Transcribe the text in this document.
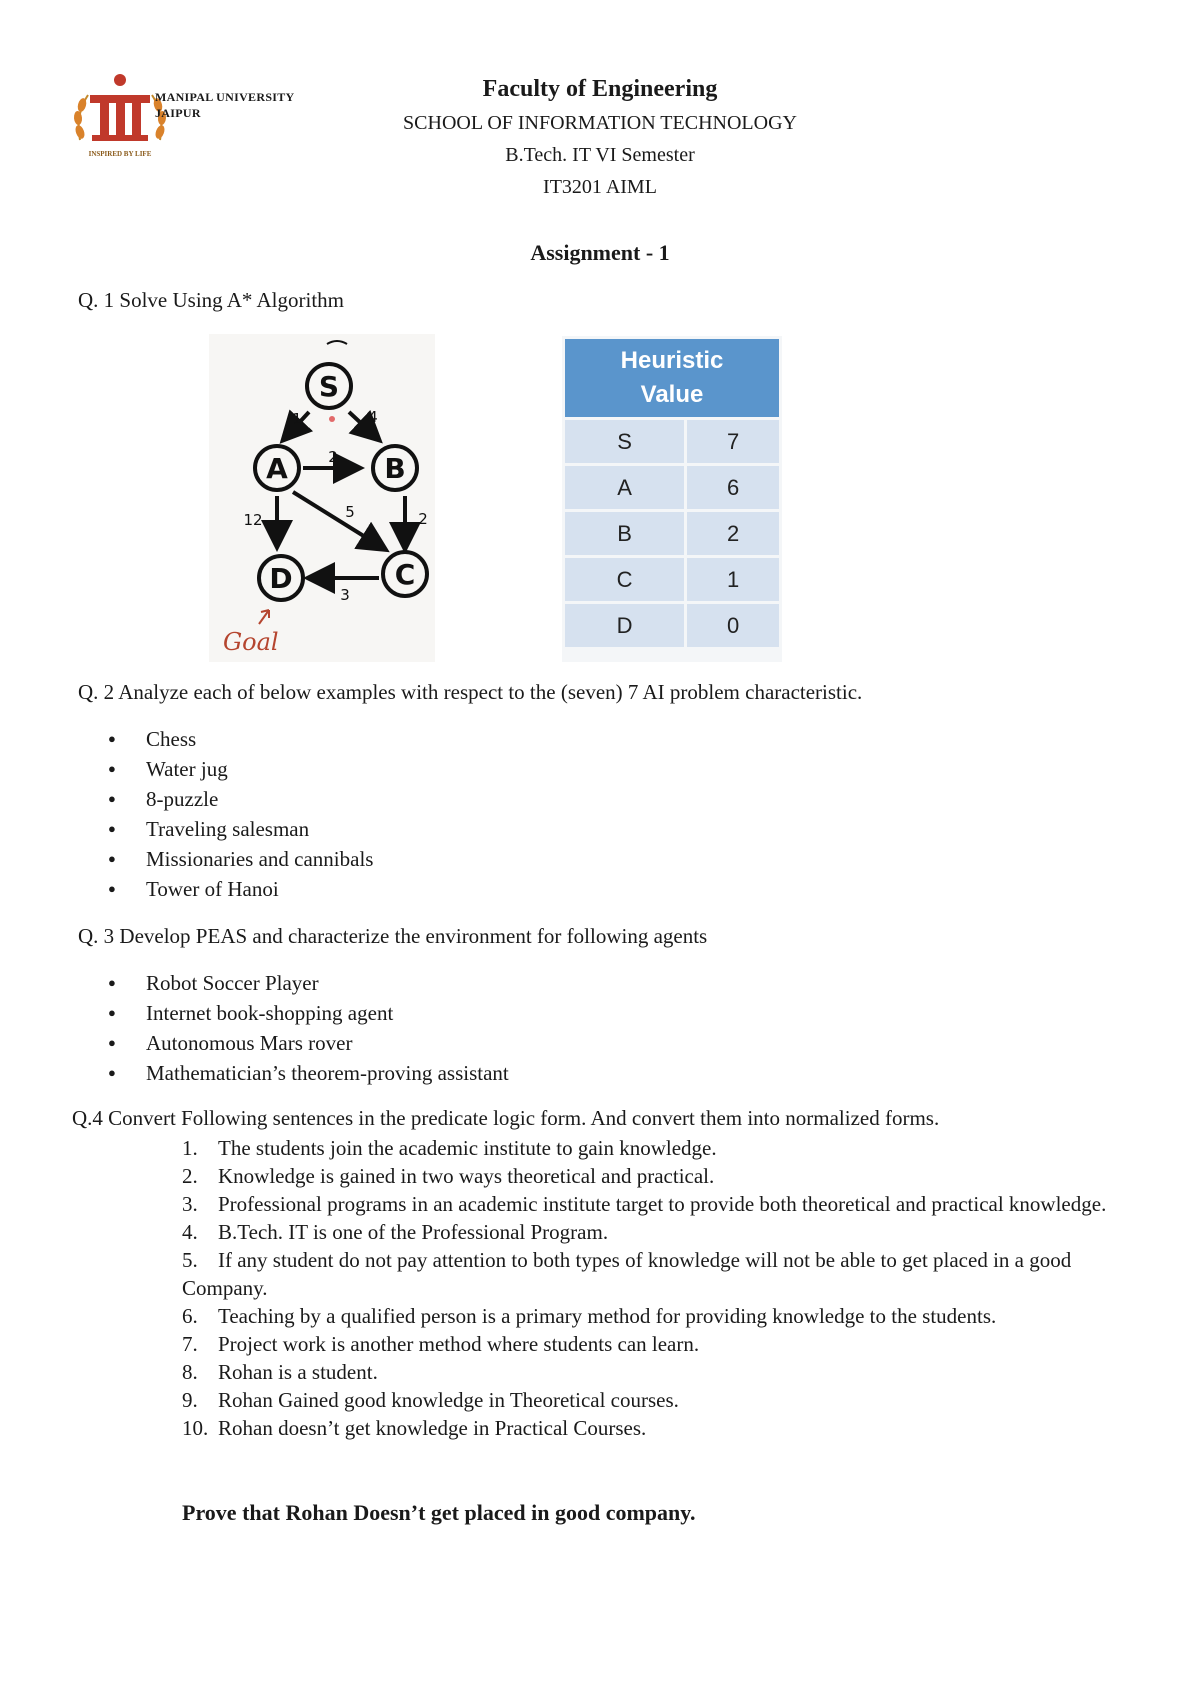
INSPIRED BY LIFE
MANIPAL UNIVERSITY
JAIPUR
Faculty of Engineering
SCHOOL OF INFORMATION TECHNOLOGY
B.Tech. IT VI Semester
IT3201 AIML
Assignment - 1
Q. 1 Solve Using A* Algorithm
S
A	B
C
D
1	4
2
5
12	2
3
Goal
Heuristic
Value	

S	7
A	6
B	2
C	1
D	0
Q. 2 Analyze each of below examples with respect to the (seven) 7 AI problem characteristic.
● Chess
● Water jug
● 8-puzzle
● Traveling salesman
● Missionaries and cannibals
● Tower of Hanoi
Q. 3 Develop PEAS and characterize the environment for following agents
● Robot Soccer Player
● Internet book-shopping agent
● Autonomous Mars rover
● Mathematician’s theorem-proving assistant
Q.4 Convert Following sentences in the predicate logic form. And convert them into normalized forms.
1. The students join the academic institute to gain knowledge.
2. Knowledge is gained in two ways theoretical and practical.
3. Professional programs in an academic institute target to provide both theoretical and practical knowledge.
4. B.Tech. IT is one of the Professional Program.
5. If any student do not pay attention to both types of knowledge will not be able to get placed in a good Company.
6. Teaching by a qualified person is a primary method for providing knowledge to the students.
7. Project work is another method where students can learn.
8. Rohan is a student.
9. Rohan Gained good knowledge in Theoretical courses.
10. Rohan doesn’t get knowledge in Practical Courses.
Prove that Rohan Doesn’t get placed in good company.
